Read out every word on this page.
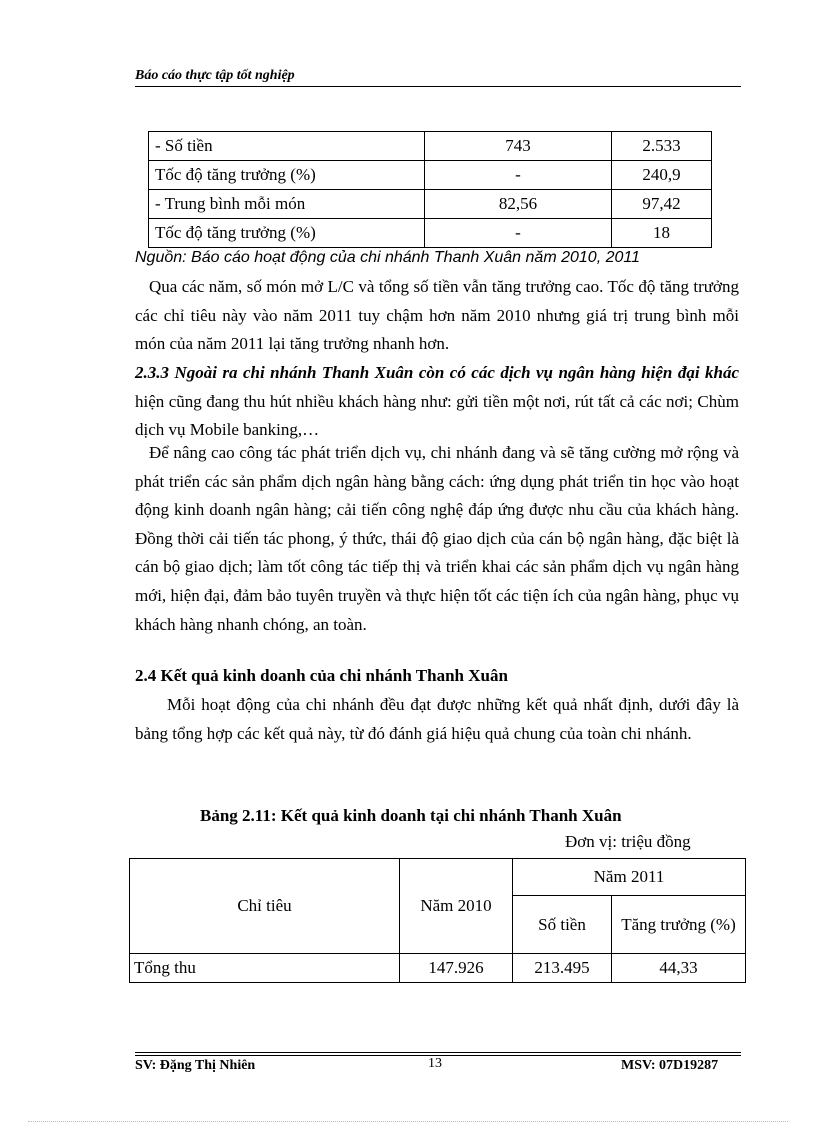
Báo cáo thực tập tốt nghiệp
- Số tiền	743	2.533
Tốc độ tăng trưởng (%)	-	240,9
- Trung bình mỗi món	82,56	97,42
Tốc độ tăng trưởng (%)	-	18
Nguồn: Báo cáo hoạt động của chi nhánh Thanh Xuân năm 2010, 2011
Qua các năm, số món mở L/C và tổng số tiền vẫn tăng trưởng cao. Tốc độ tăng trưởng các chỉ tiêu này vào năm 2011 tuy chậm hơn năm 2010 nhưng giá trị trung bình mỗi món của năm 2011 lại tăng trưởng nhanh hơn.
2.3.3 Ngoài ra chi nhánh Thanh Xuân còn có các dịch vụ ngân hàng hiện đại khác hiện cũng đang thu hút nhiều khách hàng như: gửi tiền một nơi, rút tất cả các nơi; Chùm dịch vụ Mobile banking,…
Để nâng cao công tác phát triển dịch vụ, chi nhánh đang và sẽ tăng cường mở rộng và phát triển các sản phẩm dịch ngân hàng bằng cách: ứng dụng phát triển tin học vào hoạt động kinh doanh ngân hàng; cải tiến công nghệ đáp ứng được nhu cầu của khách hàng. Đồng thời cải tiến tác phong, ý thức, thái độ giao dịch của cán bộ ngân hàng, đặc biệt là cán bộ giao dịch; làm tốt công tác tiếp thị và triển khai các sản phẩm dịch vụ ngân hàng mới, hiện đại, đảm bảo tuyên truyền và thực hiện tốt các tiện ích của ngân hàng, phục vụ khách hàng nhanh chóng, an toàn.
2.4 Kết quả kinh doanh của chi nhánh Thanh Xuân
Mỗi hoạt động của chi nhánh đều đạt được những kết quả nhất định, dưới đây là bảng tổng hợp các kết quả này, từ đó đánh giá hiệu quả chung của toàn chi nhánh.
Bảng 2.11: Kết quả kinh doanh tại chi nhánh Thanh Xuân
Đơn vị: triệu đồng
Chỉ tiêu	Năm 2010	Năm 2011	
		Số tiền	Tăng trưởng (%)
Tổng thu	147.926	213.495	44,33
SV: Đặng Thị Nhiên	13	MSV: 07D19287
